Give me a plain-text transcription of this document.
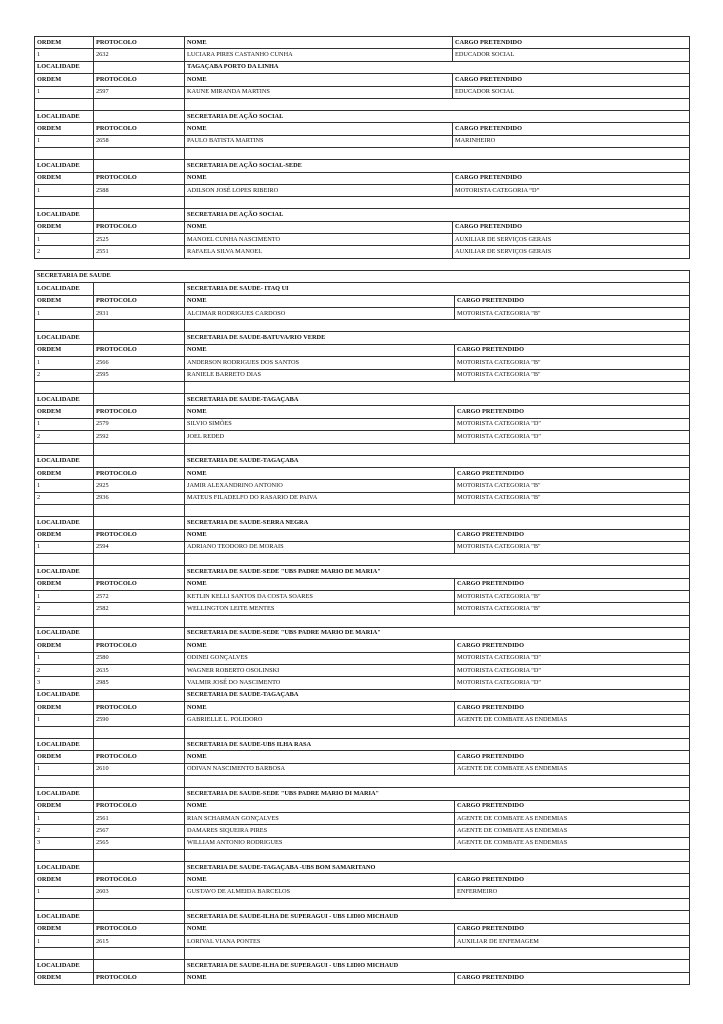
ORDEM	PROTOCOLO	NOME	CARGO PRETENDIDO
1	2632	LUCIARA PIRES CASTANHO CUNHA	EDUCADOR SOCIAL
LOCALIDADE		TAGAÇABA PORTO DA LINHA	
ORDEM	PROTOCOLO	NOME	CARGO PRETENDIDO
1	2597	KAUNE MIRANDA MARTINS	EDUCADOR SOCIAL

LOCALIDADE		SECRETARIA DE AÇÃO SOCIAL	
ORDEM	PROTOCOLO	NOME	CARGO PRETENDIDO
1	2658	PAULO BATISTA MARTINS	MARINHEIRO

LOCALIDADE		SECRETARIA DE AÇÃO SOCIAL-SEDE	
ORDEM	PROTOCOLO	NOME	CARGO PRETENDIDO
1	2588	ADILSON JOSÉ LOPES RIBEIRO	MOTORISTA CATEGORIA “D”

LOCALIDADE		SECRETARIA DE AÇÃO SOCIAL	
ORDEM	PROTOCOLO	NOME	CARGO PRETENDIDO
1	2525	MANOEL CUNHA NASCIMENTO	AUXILIAR DE SERVIÇOS GERAIS
2	2551	RAFAELA SILVA MANOEL	AUXILIAR DE SERVIÇOS GERAIS
SECRETARIA DE SAUDE			
LOCALIDADE		SECRETARIA DE SAUDE- ITAQ UI	
ORDEM	PROTOCOLO	NOME	CARGO PRETENDIDO
1	2931	ALCIMAR RODRIGUES CARDOSO	MOTORISTA CATEGORIA "B"

LOCALIDADE		SECRETARIA DE SAUDE-BATUVA/RIO VERDE	
ORDEM	PROTOCOLO	NOME	CARGO PRETENDIDO
1	2566	ANDERSON RODRIGUES DOS SANTOS	MOTORISTA CATEGORIA "B"
2	2595	RANIELE BARRETO DIAS	MOTORISTA CATEGORIA "B"

LOCALIDADE		SECRETARIA DE SAUDE-TAGAÇABA	
ORDEM	PROTOCOLO	NOME	CARGO PRETENDIDO
1	2579	SILVIO SIMÕES	MOTORISTA CATEGORIA "D"
2	2592	JOEL REDED	MOTORISTA CATEGORIA "D"

LOCALIDADE		SECRETARIA DE SAUDE-TAGAÇABA	
ORDEM	PROTOCOLO	NOME	CARGO PRETENDIDO
1	2925	JAMIR ALEXANDRINO ANTONIO	MOTORISTA CATEGORIA "B"
2	2936	MATEUS FILADELFO DO RASARIO DE PAIVA	MOTORISTA CATEGORIA "B"

LOCALIDADE		SECRETARIA DE SAUDE-SERRA NEGRA	
ORDEM	PROTOCOLO	NOME	CARGO PRETENDIDO
1	2594	ADRIANO TEODORO DE MORAIS	MOTORISTA CATEGORIA "B"

LOCALIDADE		SECRETARIA DE SAUDE-SEDE "UBS PADRE MARIO DE MARIA"	
ORDEM	PROTOCOLO	NOME	CARGO PRETENDIDO
1	2572	KETLIN KELLI SANTOS DA COSTA SOARES	MOTORISTA CATEGORIA "B"
2	2582	WELLINGTON LEITE MENTES	MOTORISTA CATEGORIA "B"

LOCALIDADE		SECRETARIA DE SAUDE-SEDE "UBS PADRE MARIO DE MARIA"	
ORDEM	PROTOCOLO	NOME	CARGO PRETENDIDO
1	2580	ODINEI GONÇALVES	MOTORISTA CATEGORIA "D"
2	2635	WAGNER ROBERTO OSOLINSKI	MOTORISTA CATEGORIA "D"
3	2985	VALMIR JOSÉ DO NASCIMENTO	MOTORISTA CATEGORIA "D"
LOCALIDADE		SECRETARIA DE SAUDE-TAGAÇABA	
ORDEM	PROTOCOLO	NOME	CARGO PRETENDIDO
1	2590	GABRIELLE L. POLIDORO	AGENTE DE COMBATE AS ENDEMIAS

LOCALIDADE		SECRETARIA DE SAUDE-UBS ILHA RASA	
ORDEM	PROTOCOLO	NOME	CARGO PRETENDIDO
1	2610	ODIVAN NASCIMENTO BARBOSA	AGENTE DE COMBATE AS ENDEMIAS

LOCALIDADE		SECRETARIA DE SAUDE-SEDE "UBS PADRE MARIO DI MARIA"	
ORDEM	PROTOCOLO	NOME	CARGO PRETENDIDO
1	2561	RIAN SCHARMAN GONÇALVES	AGENTE DE COMBATE AS ENDEMIAS
2	2567	DAMARES SIQUEIRA PIRES	AGENTE DE COMBATE AS ENDEMIAS
3	2565	WILLIAM ANTONIO RODRIGUES	AGENTE DE COMBATE AS ENDEMIAS

LOCALIDADE		SECRETARIA DE SAUDE-TAGAÇABA -UBS BOM SAMARITANO	
ORDEM	PROTOCOLO	NOME	CARGO PRETENDIDO
1	2603	GUSTAVO DE ALMEIDA BARCELOS	ENFERMEIRO

LOCALIDADE		SECRETARIA DE SAUDE-ILHA DE SUPERAGUI - UBS LIDIO MICHAUD	
ORDEM	PROTOCOLO	NOME	CARGO PRETENDIDO
1	2615	LORIVAL VIANA PONTES	AUXILIAR DE ENFEMAGEM

LOCALIDADE		SECRETARIA DE SAUDE-ILHA DE SUPERAGUI - UBS LIDIO MICHAUD	
ORDEM	PROTOCOLO	NOME	CARGO PRETENDIDO
